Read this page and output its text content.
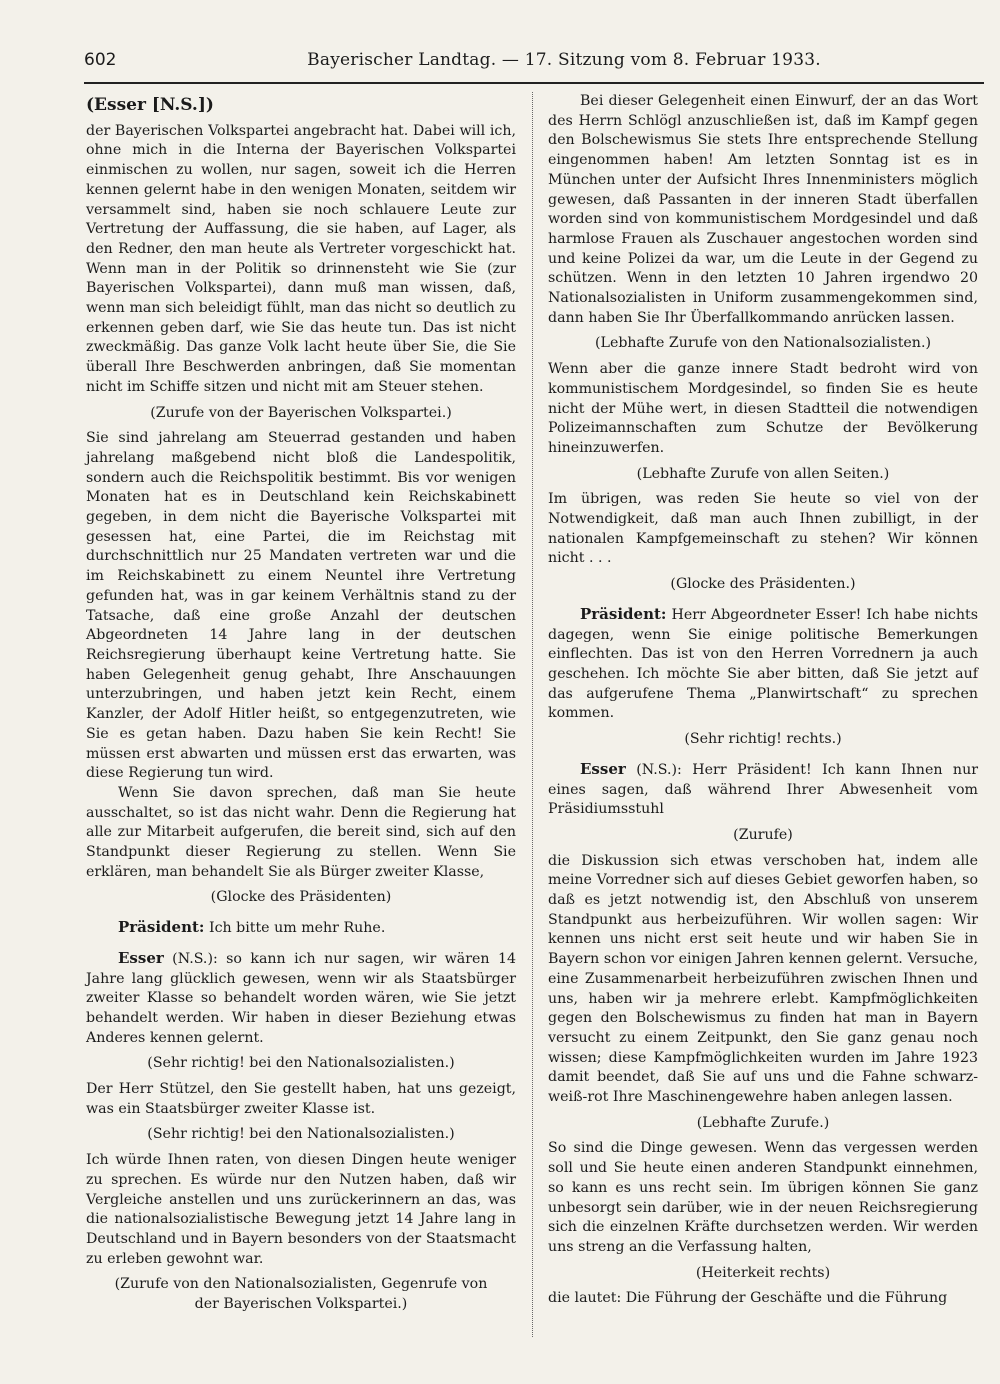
602	Bayerischer Landtag. — 17. Sitzung vom 8. Februar 1933.

(Esser [N.S.])

der Bayerischen Volkspartei angebracht hat. Dabei will ich, ohne mich in die Interna der Bayerischen Volkspartei einmischen zu wollen, nur sagen, soweit ich die Herren kennen gelernt habe in den wenigen Monaten, seitdem wir versammelt sind, haben sie noch schlauere Leute zur Vertretung der Auffassung, die sie haben, auf Lager, als den Redner, den man heute als Vertreter vorgeschickt hat. Wenn man in der Politik so drinnensteht wie Sie (zur Bayerischen Volkspartei), dann muß man wissen, daß, wenn man sich beleidigt fühlt, man das nicht so deutlich zu erkennen geben darf, wie Sie das heute tun. Das ist nicht zweckmäßig. Das ganze Volk lacht heute über Sie, die Sie überall Ihre Beschwerden anbringen, daß Sie momentan nicht im Schiffe sitzen und nicht mit am Steuer stehen.

(Zurufe von der Bayerischen Volkspartei.)

Sie sind jahrelang am Steuerrad gestanden und haben jahrelang maßgebend nicht bloß die Landespolitik, sondern auch die Reichspolitik bestimmt. Bis vor wenigen Monaten hat es in Deutschland kein Reichskabinett gegeben, in dem nicht die Bayerische Volkspartei mit gesessen hat, eine Partei, die im Reichstag mit durchschnittlich nur 25 Mandaten vertreten war und die im Reichskabinett zu einem Neuntel ihre Vertretung gefunden hat, was in gar keinem Verhältnis stand zu der Tatsache, daß eine große Anzahl der deutschen Abgeordneten 14 Jahre lang in der deutschen Reichsregierung überhaupt keine Vertretung hatte. Sie haben Gelegenheit genug gehabt, Ihre Anschauungen unterzubringen, und haben jetzt kein Recht, einem Kanzler, der Adolf Hitler heißt, so entgegenzutreten, wie Sie es getan haben. Dazu haben Sie kein Recht! Sie müssen erst abwarten und müssen erst das erwarten, was diese Regierung tun wird.

Wenn Sie davon sprechen, daß man Sie heute ausschaltet, so ist das nicht wahr. Denn die Regierung hat alle zur Mitarbeit aufgerufen, die bereit sind, sich auf den Standpunkt dieser Regierung zu stellen. Wenn Sie erklären, man behandelt Sie als Bürger zweiter Klasse,

(Glocke des Präsidenten)

Präsident: Ich bitte um mehr Ruhe.

Esser (N.S.): so kann ich nur sagen, wir wären 14 Jahre lang glücklich gewesen, wenn wir als Staatsbürger zweiter Klasse so behandelt worden wären, wie Sie jetzt behandelt werden. Wir haben in dieser Beziehung etwas Anderes kennen gelernt.

(Sehr richtig! bei den Nationalsozialisten.)

Der Herr Stützel, den Sie gestellt haben, hat uns gezeigt, was ein Staatsbürger zweiter Klasse ist.

(Sehr richtig! bei den Nationalsozialisten.)

Ich würde Ihnen raten, von diesen Dingen heute weniger zu sprechen. Es würde nur den Nutzen haben, daß wir Vergleiche anstellen und uns zurückerinnern an das, was die nationalsozialistische Bewegung jetzt 14 Jahre lang in Deutschland und in Bayern besonders von der Staatsmacht zu erleben gewohnt war.

(Zurufe von den Nationalsozialisten, Gegenrufe von

der Bayerischen Volkspartei.)

Bei dieser Gelegenheit einen Einwurf, der an das Wort des Herrn Schlögl anzuschließen ist, daß im Kampf gegen den Bolschewismus Sie stets Ihre entsprechende Stellung eingenommen haben! Am letzten Sonntag ist es in München unter der Aufsicht Ihres Innenministers möglich gewesen, daß Passanten in der inneren Stadt überfallen worden sind von kommunistischem Mordgesindel und daß harmlose Frauen als Zuschauer angestochen worden sind und keine Polizei da war, um die Leute in der Gegend zu schützen. Wenn in den letzten 10 Jahren irgendwo 20 Nationalsozialisten in Uniform zusammengekommen sind, dann haben Sie Ihr Überfallkommando anrücken lassen.

(Lebhafte Zurufe von den Nationalsozialisten.)

Wenn aber die ganze innere Stadt bedroht wird von kommunistischem Mordgesindel, so finden Sie es heute nicht der Mühe wert, in diesen Stadtteil die notwendigen Polizeimannschaften zum Schutze der Bevölkerung hineinzuwerfen.

(Lebhafte Zurufe von allen Seiten.)

Im übrigen, was reden Sie heute so viel von der Notwendigkeit, daß man auch Ihnen zubilligt, in der nationalen Kampfgemeinschaft zu stehen? Wir können nicht . . .

(Glocke des Präsidenten.)

Präsident: Herr Abgeordneter Esser! Ich habe nichts dagegen, wenn Sie einige politische Bemerkungen einflechten. Das ist von den Herren Vorrednern ja auch geschehen. Ich möchte Sie aber bitten, daß Sie jetzt auf das aufgerufene Thema „Planwirtschaft“ zu sprechen kommen.

(Sehr richtig! rechts.)

Esser (N.S.): Herr Präsident! Ich kann Ihnen nur eines sagen, daß während Ihrer Abwesenheit vom Präsidiumsstuhl

(Zurufe)

die Diskussion sich etwas verschoben hat, indem alle meine Vorredner sich auf dieses Gebiet geworfen haben, so daß es jetzt notwendig ist, den Abschluß von unserem Standpunkt aus herbeizuführen. Wir wollen sagen: Wir kennen uns nicht erst seit heute und wir haben Sie in Bayern schon vor einigen Jahren kennen gelernt. Versuche, eine Zusammenarbeit herbeizuführen zwischen Ihnen und uns, haben wir ja mehrere erlebt. Kampfmöglichkeiten gegen den Bolschewismus zu finden hat man in Bayern versucht zu einem Zeitpunkt, den Sie ganz genau noch wissen; diese Kampfmöglichkeiten wurden im Jahre 1923 damit beendet, daß Sie auf uns und die Fahne schwarz-weiß-rot Ihre Maschinengewehre haben anlegen lassen.

(Lebhafte Zurufe.)

So sind die Dinge gewesen. Wenn das vergessen werden soll und Sie heute einen anderen Standpunkt einnehmen, so kann es uns recht sein. Im übrigen können Sie ganz unbesorgt sein darüber, wie in der neuen Reichsregierung sich die einzelnen Kräfte durchsetzen werden. Wir werden uns streng an die Verfassung halten,

(Heiterkeit rechts)

die lautet: Die Führung der Geschäfte und die Führung
